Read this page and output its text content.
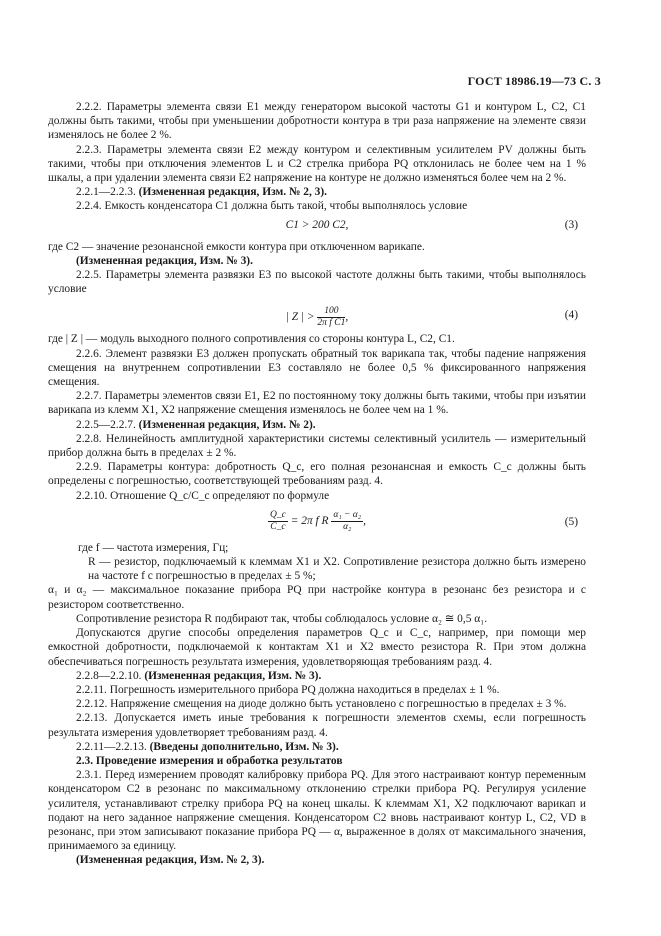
ГОСТ 18986.19—73 С. 3

2.2.2. Параметры элемента связи E1 между генератором высокой частоты G1 и контуром L, C2, C1 должны быть такими, чтобы при уменьшении добротности контура в три раза напряжение на элементе связи изменялось не более 2 %.

2.2.3. Параметры элемента связи E2 между контуром и селективным усилителем PV должны быть такими, чтобы при отключения элементов L и C2 стрелка прибора PQ отклонилась не более чем на 1 % шкалы, а при удалении элемента связи E2 напряжение на контуре не должно изменяться более чем на 2 %.

2.2.1—2.2.3. (Измененная редакция, Изм. № 2, 3).

2.2.4. Емкость конденсатора C1 должна быть такой, чтобы выполнялось условие

C1 > 200 C2,	(3)

где C2 — значение резонансной емкости контура при отключенном варикапе.

(Измененная редакция, Изм. № 3).

2.2.5. Параметры элемента развязки E3 по высокой частоте должны быть такими, чтобы выполнялось условие

| Z | > $\frac{100}{\text{2π f C1}}$ ,	(4)

где | Z | — модуль выходного полного сопротивления со стороны контура L, C2, C1.

2.2.6. Элемент развязки E3 должен пропускать обратный ток варикапа так, чтобы падение напряжения смещения на внутреннем сопротивлении E3 составляло не более 0,5 % фиксированного напряжения смещения.

2.2.7. Параметры элементов связи E1, E2 по постоянному току должны быть такими, чтобы при изъятии варикапа из клемм X1, X2 напряжение смещения изменялось не более чем на 1 %.

2.2.5—2.2.7. (Измененная редакция, Изм. № 2).

2.2.8. Нелинейность амплитудной характеристики системы селективный усилитель — измерительный прибор должна быть в пределах ± 2 %.

2.2.9. Параметры контура: добротность Q_c, его полная резонансная и емкость C_c должны быть определены с погрешностью, соответствующей требованиям разд. 4.

2.2.10. Отношение Q_c/C_c определяют по формуле

$\frac{Q\_c}{C\_c} = 2\pi$ f R $\frac{\text{α₁ − α₂}}{\text{α₂}}$ ,	(5)

где f — частота измерения, Гц;

R — резистор, подключаемый к клеммам X1 и X2. Сопротивление резистора должно быть измерено на частоте f с погрешностью в пределах ± 5 %;

α₁ и α₂ — максимальное показание прибора PQ при настройке контура в резонанс без резистора и с резистором соответственно.

Сопротивление резистора R подбирают так, чтобы соблюдалось условие α₂ ≅ 0,5 α₁.

Допускаются другие способы определения параметров Q_c и C_c, например, при помощи мер емкостной добротности, подключаемой к контактам X1 и X2 вместо резистора R. При этом должна обеспечиваться погрешность результата измерения, удовлетворяющая требованиям разд. 4.

2.2.8—2.2.10. (Измененная редакция, Изм. № 3).

2.2.11. Погрешность измерительного прибора PQ должна находиться в пределах ± 1 %.

2.2.12. Напряжение смещения на диоде должно быть установлено с погрешностью в пределах ± 3 %.

2.2.13. Допускается иметь иные требования к погрешности элементов схемы, если погрешность результата измерения удовлетворяет требованиям разд. 4.

2.2.11—2.2.13. (Введены дополнительно, Изм. № 3).

2.3. Проведение измерения и обработка результатов

2.3.1. Перед измерением проводят калибровку прибора PQ. Для этого настраивают контур переменным конденсатором C2 в резонанс по максимальному отклонению стрелки прибора PQ. Регулируя усиление усилителя, устанавливают стрелку прибора PQ на конец шкалы. К клеммам X1, X2 подключают варикап и подают на него заданное напряжение смещения. Конденсатором C2 вновь настраивают контур L, C2, VD в резонанс, при этом записывают показание прибора PQ — α, выраженное в долях от максимального значения, принимаемого за единицу.

(Измененная редакция, Изм. № 2, 3).
